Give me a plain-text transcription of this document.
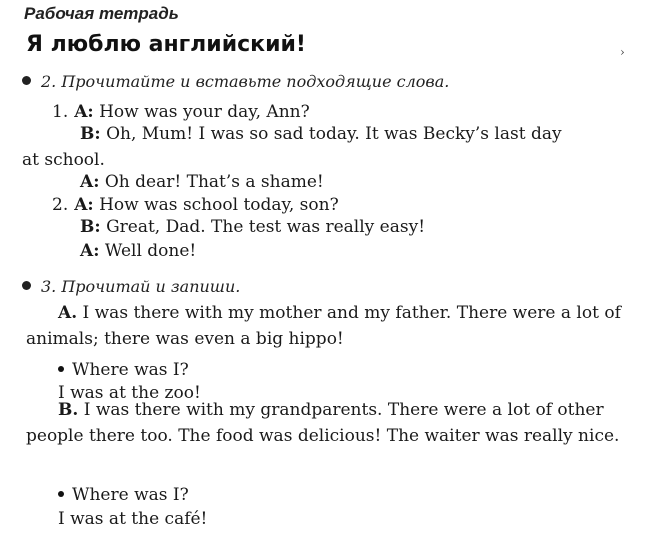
Рабочая тетрадь
Я люблю английский!	›
2. Прочитайте и вставьте подходящие слова.
1. A: How was your day, Ann?
B: Oh, Mum! I was so sad today. It was Becky’s last day
at school.
A: Oh dear! That’s a shame!
2. A: How was school today, son?
B: Great, Dad. The test was really easy!
A: Well done!
3. Прочитай и запиши.
A. I was there with my mother and my father. There were a lot of animals; there was even a big hippo!
Where was I?
I was at the zoo!
B. I was there with my grandparents. There were a lot of other people there too. The food was delicious! The waiter was really nice.
Where was I?
I was at the café!
